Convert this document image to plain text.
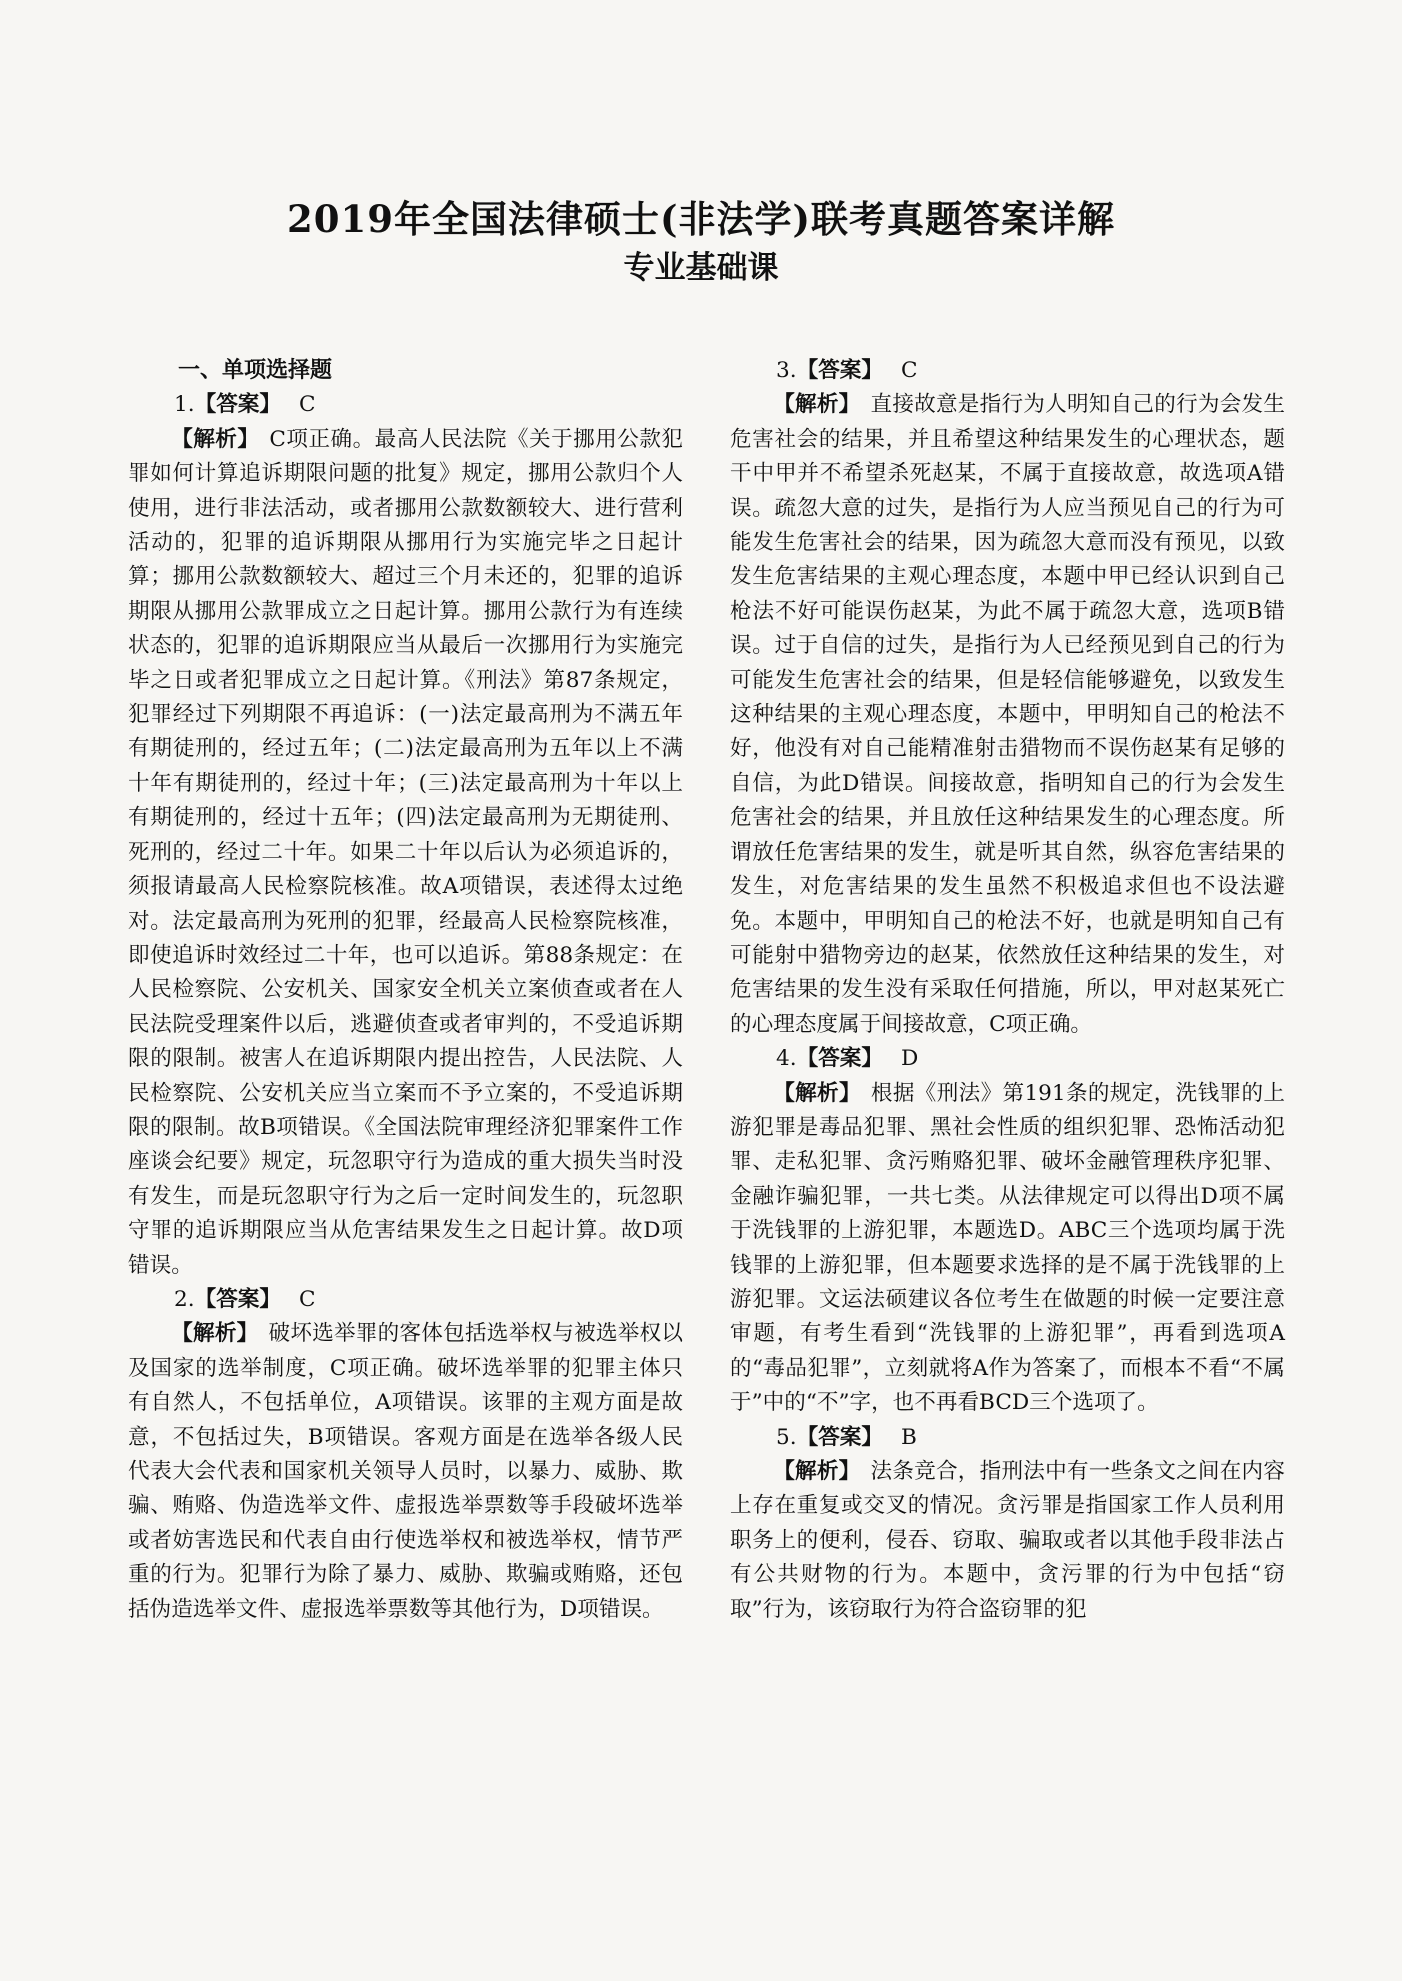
2019年全国法律硕士(非法学)联考真题答案详解
专业基础课
一、单项选择题
1.【答案】 C
【解析】 C项正确。最高人民法院《关于挪用公款犯罪如何计算追诉期限问题的批复》规定，挪用公款归个人使用，进行非法活动，或者挪用公款数额较大、进行营利活动的，犯罪的追诉期限从挪用行为实施完毕之日起计算；挪用公款数额较大、超过三个月未还的，犯罪的追诉期限从挪用公款罪成立之日起计算。挪用公款行为有连续状态的，犯罪的追诉期限应当从最后一次挪用行为实施完毕之日或者犯罪成立之日起计算。《刑法》第87条规定，犯罪经过下列期限不再追诉：(一)法定最高刑为不满五年有期徒刑的，经过五年；(二)法定最高刑为五年以上不满十年有期徒刑的，经过十年；(三)法定最高刑为十年以上有期徒刑的，经过十五年；(四)法定最高刑为无期徒刑、死刑的，经过二十年。如果二十年以后认为必须追诉的，须报请最高人民检察院核准。故A项错误，表述得太过绝对。法定最高刑为死刑的犯罪，经最高人民检察院核准，即使追诉时效经过二十年，也可以追诉。第88条规定：在人民检察院、公安机关、国家安全机关立案侦查或者在人民法院受理案件以后，逃避侦查或者审判的，不受追诉期限的限制。被害人在追诉期限内提出控告，人民法院、人民检察院、公安机关应当立案而不予立案的，不受追诉期限的限制。故B项错误。《全国法院审理经济犯罪案件工作座谈会纪要》规定，玩忽职守行为造成的重大损失当时没有发生，而是玩忽职守行为之后一定时间发生的，玩忽职守罪的追诉期限应当从危害结果发生之日起计算。故D项错误。
2.【答案】 C
【解析】 破坏选举罪的客体包括选举权与被选举权以及国家的选举制度，C项正确。破坏选举罪的犯罪主体只有自然人，不包括单位，A项错误。该罪的主观方面是故意，不包括过失，B项错误。客观方面是在选举各级人民代表大会代表和国家机关领导人员时，以暴力、威胁、欺骗、贿赂、伪造选举文件、虚报选举票数等手段破坏选举或者妨害选民和代表自由行使选举权和被选举权，情节严重的行为。犯罪行为除了暴力、威胁、欺骗或贿赂，还包括伪造选举文件、虚报选举票数等其他行为，D项错误。
3.【答案】 C
【解析】 直接故意是指行为人明知自己的行为会发生危害社会的结果，并且希望这种结果发生的心理状态，题干中甲并不希望杀死赵某，不属于直接故意，故选项A错误。疏忽大意的过失，是指行为人应当预见自己的行为可能发生危害社会的结果，因为疏忽大意而没有预见，以致发生危害结果的主观心理态度，本题中甲已经认识到自己枪法不好可能误伤赵某，为此不属于疏忽大意，选项B错误。过于自信的过失，是指行为人已经预见到自己的行为可能发生危害社会的结果，但是轻信能够避免，以致发生这种结果的主观心理态度，本题中，甲明知自己的枪法不好，他没有对自己能精准射击猎物而不误伤赵某有足够的自信，为此D错误。间接故意，指明知自己的行为会发生危害社会的结果，并且放任这种结果发生的心理态度。所谓放任危害结果的发生，就是听其自然，纵容危害结果的发生，对危害结果的发生虽然不积极追求但也不设法避免。本题中，甲明知自己的枪法不好，也就是明知自己有可能射中猎物旁边的赵某，依然放任这种结果的发生，对危害结果的发生没有采取任何措施，所以，甲对赵某死亡的心理态度属于间接故意，C项正确。
4.【答案】 D
【解析】 根据《刑法》第191条的规定，洗钱罪的上游犯罪是毒品犯罪、黑社会性质的组织犯罪、恐怖活动犯罪、走私犯罪、贪污贿赂犯罪、破坏金融管理秩序犯罪、金融诈骗犯罪，一共七类。从法律规定可以得出D项不属于洗钱罪的上游犯罪，本题选D。ABC三个选项均属于洗钱罪的上游犯罪，但本题要求选择的是不属于洗钱罪的上游犯罪。文运法硕建议各位考生在做题的时候一定要注意审题，有考生看到“洗钱罪的上游犯罪”，再看到选项A的“毒品犯罪”，立刻就将A作为答案了，而根本不看“不属于”中的“不”字，也不再看BCD三个选项了。
5.【答案】 B
【解析】 法条竞合，指刑法中有一些条文之间在内容上存在重复或交叉的情况。贪污罪是指国家工作人员利用职务上的便利，侵吞、窃取、骗取或者以其他手段非法占有公共财物的行为。本题中，贪污罪的行为中包括“窃取”行为，该窃取行为符合盗窃罪的犯
